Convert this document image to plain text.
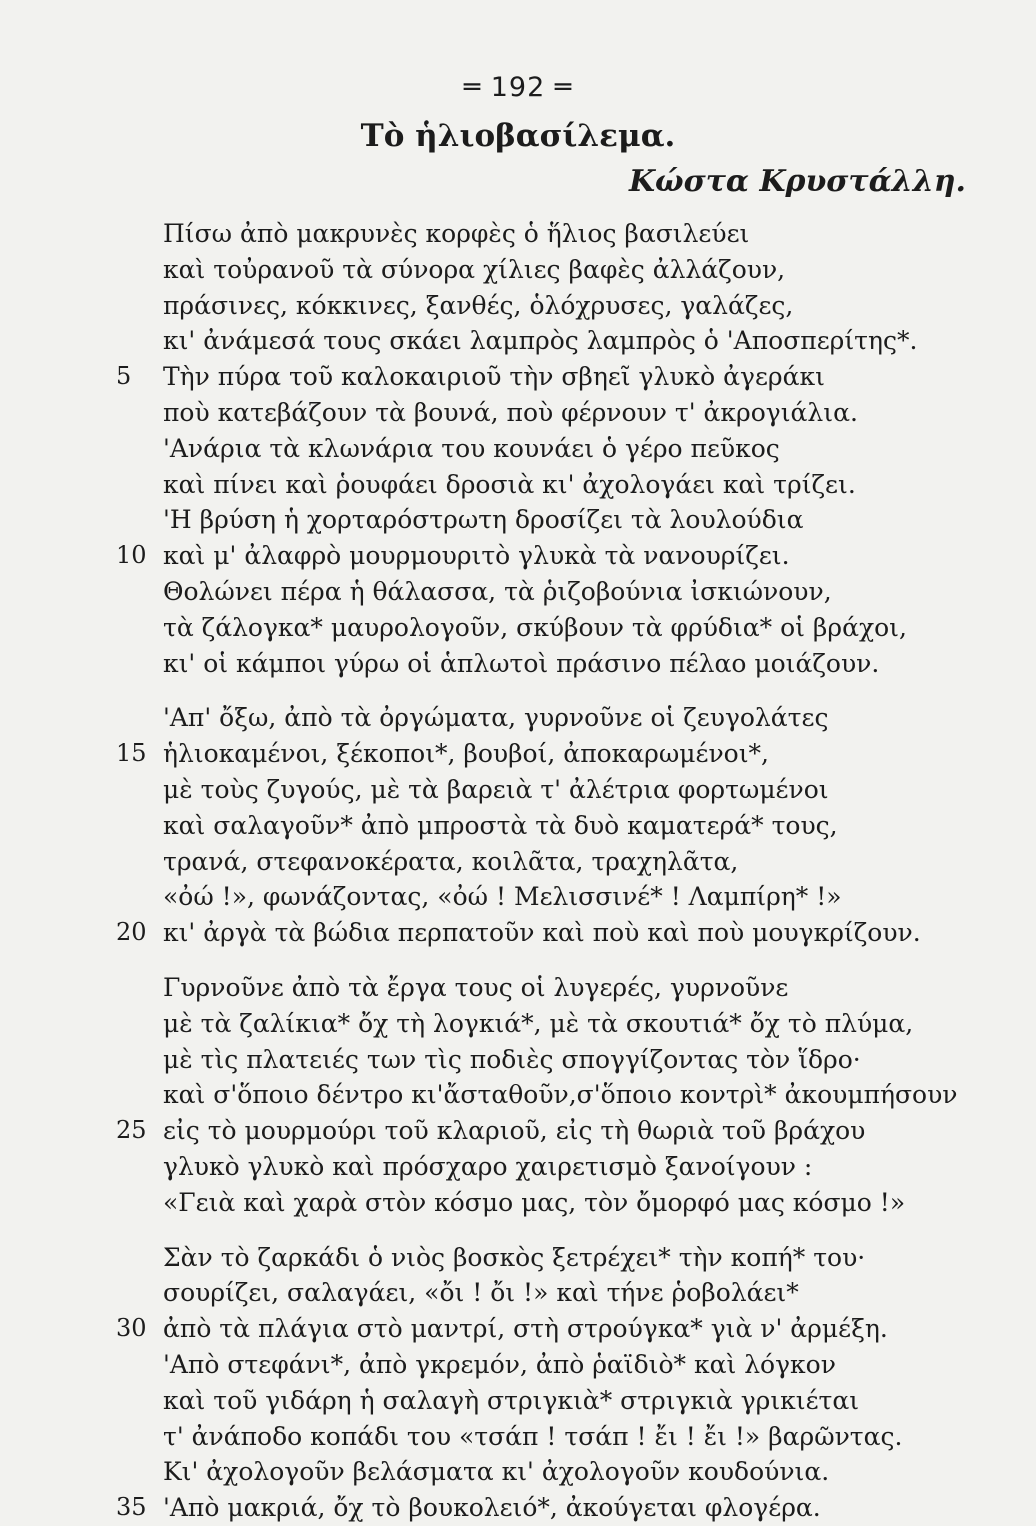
═ 192 ═
Τὸ ἡλιοβασίλεμα.
Κώστα Κρυστάλλη.
Πίσω ἀπὸ μακρυνὲς κορφὲς ὁ ἥλιος βασιλεύει
καὶ τοὐρανοῦ τὰ σύνορα χίλιες βαφὲς ἀλλάζουν,
πράσινες, κόκκινες, ξανθές, ὁλόχρυσες, γαλάζες,
κι' ἀνάμεσά τους σκάει λαμπρὸς λαμπρὸς ὁ 'Αποσπερίτης*.
5	Τὴν πύρα τοῦ καλοκαιριοῦ τὴν σβηεῖ γλυκὸ ἀγεράκι
ποὺ κατεβάζουν τὰ βουνά, ποὺ φέρνουν τ' ἀκρογιάλια.
'Ανάρια τὰ κλωνάρια του κουνάει ὁ γέρο πεῦκος
καὶ πίνει καὶ ῥουφάει δροσιὰ κι' ἀχολογάει καὶ τρίζει.
'Η βρύση ἡ χορταρόστρωτη δροσίζει τὰ λουλούδια
10 καὶ μ' ἀλαφρὸ μουρμουριτὸ γλυκὰ τὰ νανουρίζει.
Θολώνει πέρα ἡ θάλασσα, τὰ ῥιζοβούνια ἰσκιώνουν,
τὰ ζάλογκα* μαυρολογοῦν, σκύβουν τὰ φρύδια* οἱ βράχοι,
κι' οἱ κάμποι γύρω οἱ ἁπλωτοὶ πράσινο πέλαο μοιάζουν.
'Απ' ὄξω, ἀπὸ τὰ ὀργώματα, γυρνοῦνε οἱ ζευγολάτες
15 ἡλιοκαμένοι, ξέκοποι*, βουβοί, ἀποκαρωμένοι*,
μὲ τοὺς ζυγούς, μὲ τὰ βαρειὰ τ' ἀλέτρια φορτωμένοι
καὶ σαλαγοῦν* ἀπὸ μπροστὰ τὰ δυὸ καματερά* τους,
τρανά, στεφανοκέρατα, κοιλᾶτα, τραχηλᾶτα,
«ὀώ !», φωνάζοντας, «ὀώ ! Μελισσινέ* ! Λαμπίρη* !»
20 κι' ἀργὰ τὰ βώδια περπατοῦν καὶ ποὺ καὶ ποὺ μουγκρίζουν.
Γυρνοῦνε ἀπὸ τὰ ἔργα τους οἱ λυγερές, γυρνοῦνε
μὲ τὰ ζαλίκια* ὄχ τὴ λογκιά*, μὲ τὰ σκουτιά* ὄχ τὸ πλύμα,
μὲ τὶς πλατειές των τὶς ποδιὲς σπογγίζοντας τὸν ἵδρο·
καὶ σ'ὅποιο δέντρο κι'ἄσταθοῦν,σ'ὅποιο κοντρὶ* ἀκουμπήσουν
25 εἰς τὸ μουρμούρι τοῦ κλαριοῦ, εἰς τὴ θωριὰ τοῦ βράχου
γλυκὸ γλυκὸ καὶ πρόσχαρο χαιρετισμὸ ξανοίγουν :
«Γειὰ καὶ χαρὰ στὸν κόσμο μας, τὸν ὄμορφό μας κόσμο !»
Σὰν τὸ ζαρκάδι ὁ νιὸς βοσκὸς ξετρέχει* τὴν κοπή* του·
σουρίζει, σαλαγάει, «ὄι ! ὄι !» καὶ τήνε ῥοβολάει*
30 ἀπὸ τὰ πλάγια στὸ μαντρί, στὴ στρούγκα* γιὰ ν' ἀρμέξη.
'Απὸ στεφάνι*, ἀπὸ γκρεμόν, ἀπὸ ῥαϊδιὸ* καὶ λόγκον
καὶ τοῦ γιδάρη ἡ σαλαγὴ στριγκιὰ* στριγκιὰ γρικιέται
τ' ἀνάποδο κοπάδι του «τσάπ ! τσάπ ! ἔι ! ἔι !» βαρῶντας.
Κι' ἀχολογοῦν βελάσματα κι' ἀχολογοῦν κουδούνια.
35 'Απὸ μακριά, ὄχ τὸ βουκολειό*, ἀκούγεται φλογέρα.
